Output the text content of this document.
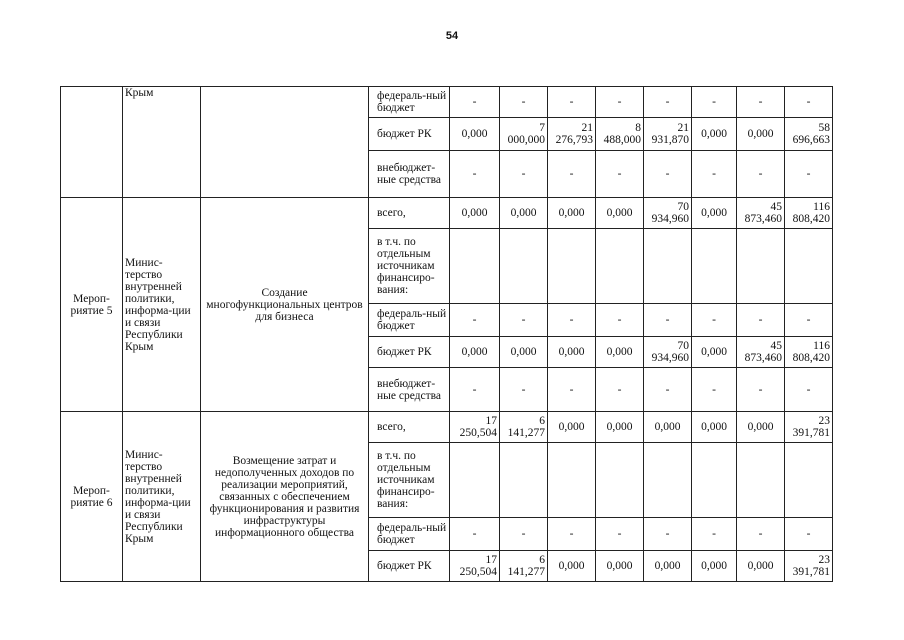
54
	Крым		федераль-ный бюджет	-	-	-	-	-	-	-	-
			бюджет РК	0,000	7 000,000	21 276,793	8 488,000	21 931,870	0,000	0,000	58 696,663
			внебюджет-ные средства	-	-	-	-	-	-	-	-
Мероп-риятие 5	Минис-терство внутренней политики, информа-ции и связи Республики Крым	Создание многофункциональных центров для бизнеса	всего,	0,000	0,000	0,000	0,000	70 934,960	0,000	45 873,460	116 808,420
			в т.ч. по отдельным источникам финансиро-вания:								
			федераль-ный бюджет	-	-	-	-	-	-	-	-
			бюджет РК	0,000	0,000	0,000	0,000	70 934,960	0,000	45 873,460	116 808,420
			внебюджет-ные средства	-	-	-	-	-	-	-	-
Мероп-риятие 6	Минис-терство внутренней политики, информа-ции и связи Республики Крым	Возмещение затрат и недополученных доходов по реализации мероприятий, связанных с обеспечением функционирования и развития инфраструктуры информационного общества	всего,	17 250,504	6 141,277	0,000	0,000	0,000	0,000	0,000	23 391,781
			в т.ч. по отдельным источникам финансиро-вания:								
			федераль-ный бюджет	-	-	-	-	-	-	-	-
			бюджет РК	17 250,504	6 141,277	0,000	0,000	0,000	0,000	0,000	23 391,781
